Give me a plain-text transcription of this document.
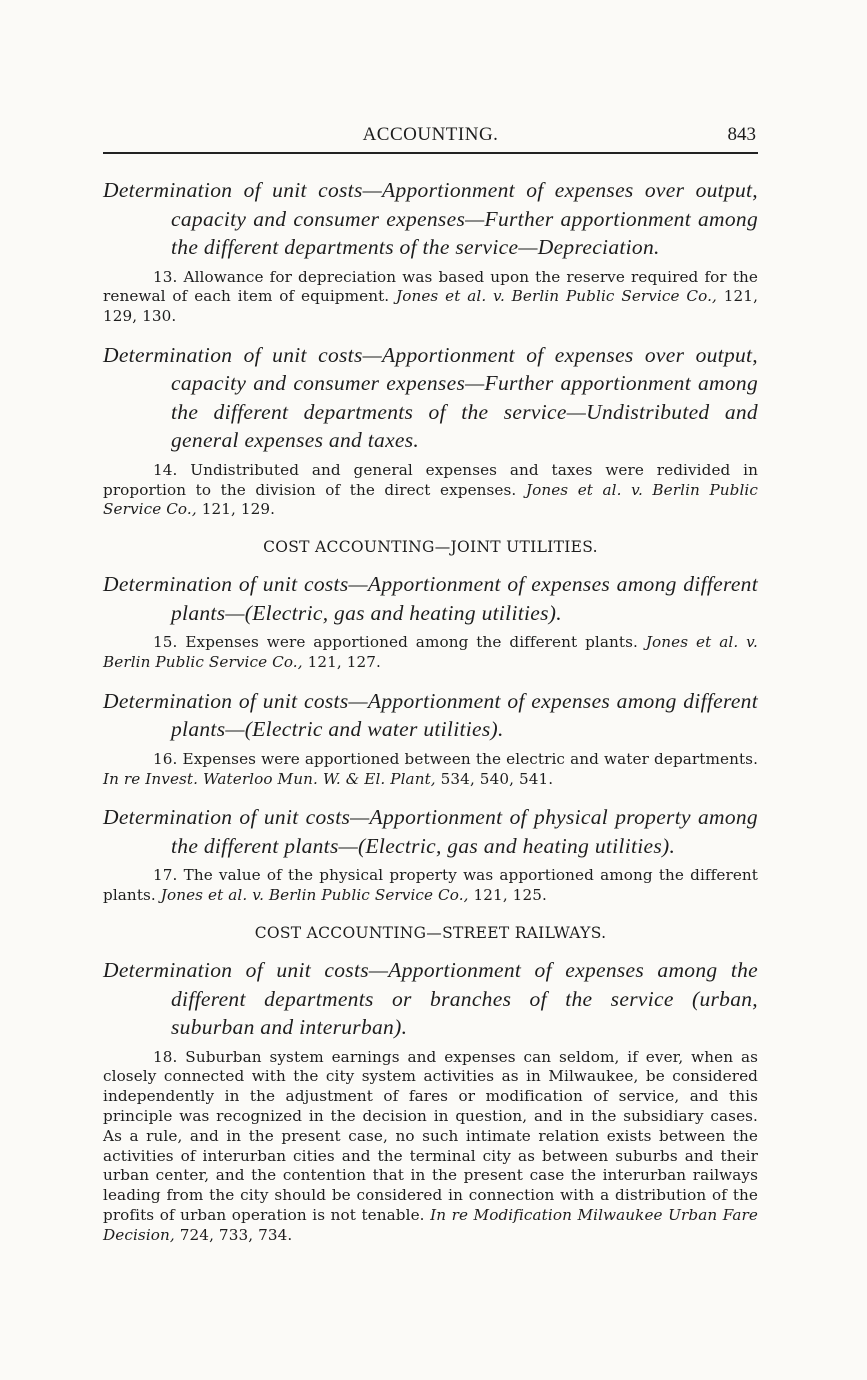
ACCOUNTING.	843

Determination of unit costs—Apportionment of expenses over output, capacity and consumer expenses—Further apportionment among the different departments of the service—Depreciation.

13. Allowance for depreciation was based upon the reserve required for the renewal of each item of equipment. Jones et al. v. Berlin Public Service Co., 121, 129, 130.

Determination of unit costs—Apportionment of expenses over output, capacity and consumer expenses—Further apportionment among the different departments of the service—Undistributed and general expenses and taxes.

14. Undistributed and general expenses and taxes were redivided in proportion to the division of the direct expenses. Jones et al. v. Berlin Public Service Co., 121, 129.

COST ACCOUNTING—JOINT UTILITIES.

Determination of unit costs—Apportionment of expenses among different plants—(Electric, gas and heating utilities).

15. Expenses were apportioned among the different plants. Jones et al. v. Berlin Public Service Co., 121, 127.

Determination of unit costs—Apportionment of expenses among different plants—(Electric and water utilities).

16. Expenses were apportioned between the electric and water departments. In re Invest. Waterloo Mun. W. & El. Plant, 534, 540, 541.

Determination of unit costs—Apportionment of physical property among the different plants—(Electric, gas and heating utilities).

17. The value of the physical property was apportioned among the different plants. Jones et al. v. Berlin Public Service Co., 121, 125.

COST ACCOUNTING—STREET RAILWAYS.

Determination of unit costs—Apportionment of expenses among the different departments or branches of the service (urban, suburban and interurban).

18. Suburban system earnings and expenses can seldom, if ever, when as closely connected with the city system activities as in Milwaukee, be considered independently in the adjustment of fares or modification of service, and this principle was recognized in the decision in question, and in the subsidiary cases. As a rule, and in the present case, no such intimate relation exists between the activities of interurban cities and the terminal city as between suburbs and their urban center, and the contention that in the present case the interurban railways leading from the city should be considered in connection with a distribution of the profits of urban operation is not tenable. In re Modification Milwaukee Urban Fare Decision, 724, 733, 734.
